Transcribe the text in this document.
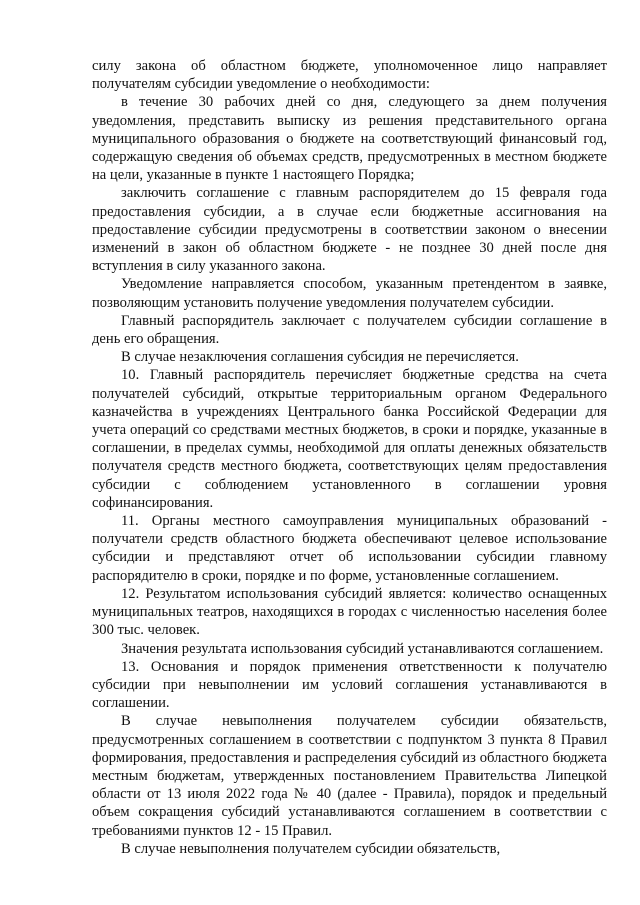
силу закона об областном бюджете, уполномоченное лицо направляет получателям субсидии уведомление о необходимости:

в течение 30 рабочих дней со дня, следующего за днем получения уведомления, представить выписку из решения представительного органа муниципального образования о бюджете на соответствующий финансовый год, содержащую сведения об объемах средств, предусмотренных в местном бюджете на цели, указанные в пункте 1 настоящего Порядка;

заключить соглашение с главным распорядителем до 15 февраля года предоставления субсидии, а в случае если бюджетные ассигнования на предоставление субсидии предусмотрены в соответствии законом о внесении изменений в закон об областном бюджете - не позднее 30 дней после дня вступления в силу указанного закона.

Уведомление направляется способом, указанным претендентом в заявке, позволяющим установить получение уведомления получателем субсидии.

Главный распорядитель заключает с получателем субсидии соглашение в день его обращения.

В случае незаключения соглашения субсидия не перечисляется.

10. Главный распорядитель перечисляет бюджетные средства на счета получателей субсидий, открытые территориальным органом Федерального казначейства в учреждениях Центрального банка Российской Федерации для учета операций со средствами местных бюджетов, в сроки и порядке, указанные в соглашении, в пределах суммы, необходимой для оплаты денежных обязательств получателя средств местного бюджета, соответствующих целям предоставления субсидии с соблюдением установленного в соглашении уровня софинансирования.

11. Органы местного самоуправления муниципальных образований - получатели средств областного бюджета обеспечивают целевое использование субсидии и представляют отчет об использовании субсидии главному распорядителю в сроки, порядке и по форме, установленные соглашением.

12. Результатом использования субсидий является: количество оснащенных муниципальных театров, находящихся в городах с численностью населения более 300 тыс. человек.

Значения результата использования субсидий устанавливаются соглашением.

13. Основания и порядок применения ответственности к получателю субсидии при невыполнении им условий соглашения устанавливаются в соглашении.

В случае невыполнения получателем субсидии обязательств, предусмотренных соглашением в соответствии с подпунктом 3 пункта 8 Правил формирования, предоставления и распределения субсидий из областного бюджета местным бюджетам, утвержденных постановлением Правительства Липецкой области от 13 июля 2022 года № 40 (далее - Правила), порядок и предельный объем сокращения субсидий устанавливаются соглашением в соответствии с требованиями пунктов 12 - 15 Правил.

В случае невыполнения получателем субсидии обязательств,
